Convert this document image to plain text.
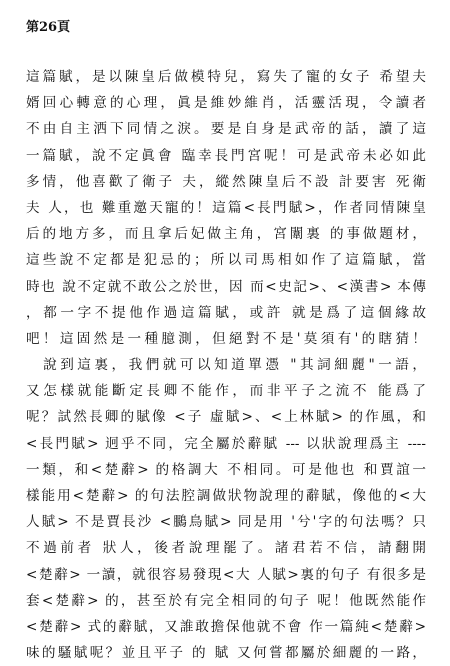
第26頁
這篇賦，是以陳皇后做模特兒，寫失了寵的女子 希望夫
婿回心轉意的心理，眞是維妙維肖，活靈活現，令讀者
不由自主洒下同情之淚。要是自身是武帝的話，讀了這
一篇賦，說不定眞會 臨幸長門宮呢！可是武帝未必如此
多情，他喜歡了衛子 夫，縱然陳皇后不設 計要害 死衛
夫 人，也 難重邀天寵的！這篇<長門賦>，作者同情陳皇
后的地方多，而且拿后妃做主角，宮闈裏 的事做題材，
這些說不定都是犯忌的；所以司馬相如作了這篇賦，當
時也 說不定就不敢公之於世，因 而<史記>、<漢書> 本傳
，都一字不提他作過這篇賦，或許 就是爲了這個緣故
吧！這固然是一種臆測，但絕對不是'莫須有'的瞎猜！
　說到這裏，我們就可以知道單憑 "其詞細麗"一語，
又怎樣就能斷定長卿不能作，而非平子之流不 能爲了
呢？試然長卿的賦像 <子 虛賦>、<上林賦> 的作風，和
<長門賦> 迥乎不同，完全屬於辭賦 --- 以狀說理爲主 ----
一類，和<楚辭> 的格調大 不相同。可是他也 和賈誼一
樣能用<楚辭> 的句法腔調做狀物說理的辭賦，像他的<大
人賦> 不是賈長沙 <鵩鳥賦> 同是用 '兮'字的句法嗎？只
不過前者 狀人，後者說理罷了。諸君若不信，請翻開
<楚辭> 一讀，就很容易發現<大 人賦>裏的句子 有很多是
套<楚辭> 的，甚至於有完全相同的句子 呢！他既然能作
<楚辭> 式的辭賦，又誰敢擔保他就不會 作一篇純<楚辭>
味的騷賦呢？並且平子 的 賦 又何嘗都屬於細麗的一路，
